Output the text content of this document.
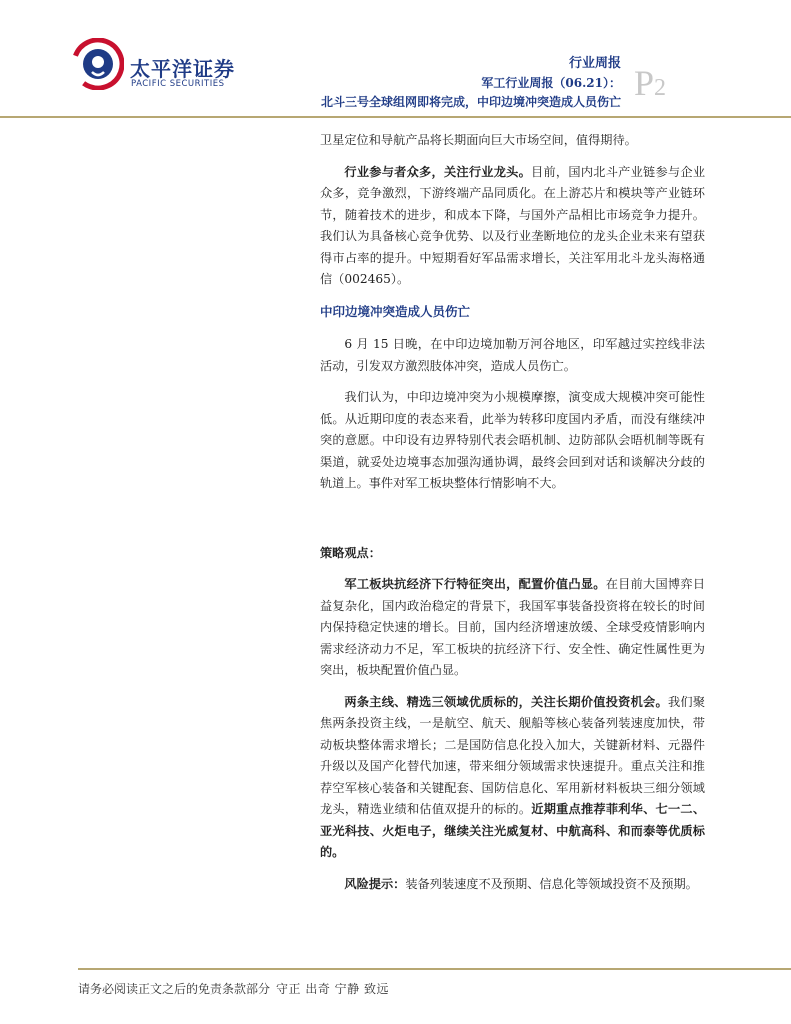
太平洋证券
PACIFIC SECURITIES
行业周报
军工行业周报（06.21）：
北斗三号全球组网即将完成，中印边境冲突造成人员伤亡 P2

卫星定位和导航产品将长期面向巨大市场空间，值得期待。

行业参与者众多，关注行业龙头。目前，国内北斗产业链参与企业众多，竞争激烈，下游终端产品同质化。在上游芯片和模块等产业链环节，随着技术的进步，和成本下降，与国外产品相比市场竞争力提升。我们认为具备核心竞争优势、以及行业垄断地位的龙头企业未来有望获得市占率的提升。中短期看好军品需求增长，关注军用北斗龙头海格通信（002465）。

中印边境冲突造成人员伤亡

6 月 15 日晚，在中印边境加勒万河谷地区，印军越过实控线非法活动，引发双方激烈肢体冲突，造成人员伤亡。

我们认为，中印边境冲突为小规模摩擦，演变成大规模冲突可能性低。从近期印度的表态来看，此举为转移印度国内矛盾，而没有继续冲突的意愿。中印设有边界特别代表会晤机制、边防部队会晤机制等既有渠道，就妥处边境事态加强沟通协调，最终会回到对话和谈解决分歧的轨道上。事件对军工板块整体行情影响不大。

策略观点：

军工板块抗经济下行特征突出，配置价值凸显。在目前大国博弈日益复杂化，国内政治稳定的背景下，我国军事装备投资将在较长的时间内保持稳定快速的增长。目前，国内经济增速放缓、全球受疫情影响内需求经济动力不足，军工板块的抗经济下行、安全性、确定性属性更为突出，板块配置价值凸显。

两条主线、精选三领域优质标的，关注长期价值投资机会。我们聚焦两条投资主线，一是航空、航天、舰船等核心装备列装速度加快，带动板块整体需求增长；二是国防信息化投入加大，关键新材料、元器件升级以及国产化替代加速，带来细分领域需求快速提升。重点关注和推荐空军核心装备和关键配套、国防信息化、军用新材料板块三细分领域龙头，精选业绩和估值双提升的标的。近期重点推荐菲利华、七一二、亚光科技、火炬电子，继续关注光威复材、中航高科、和而泰等优质标的。

风险提示：装备列装速度不及预期、信息化等领域投资不及预期。

请务必阅读正文之后的免责条款部分 守正 出奇 宁静 致远
